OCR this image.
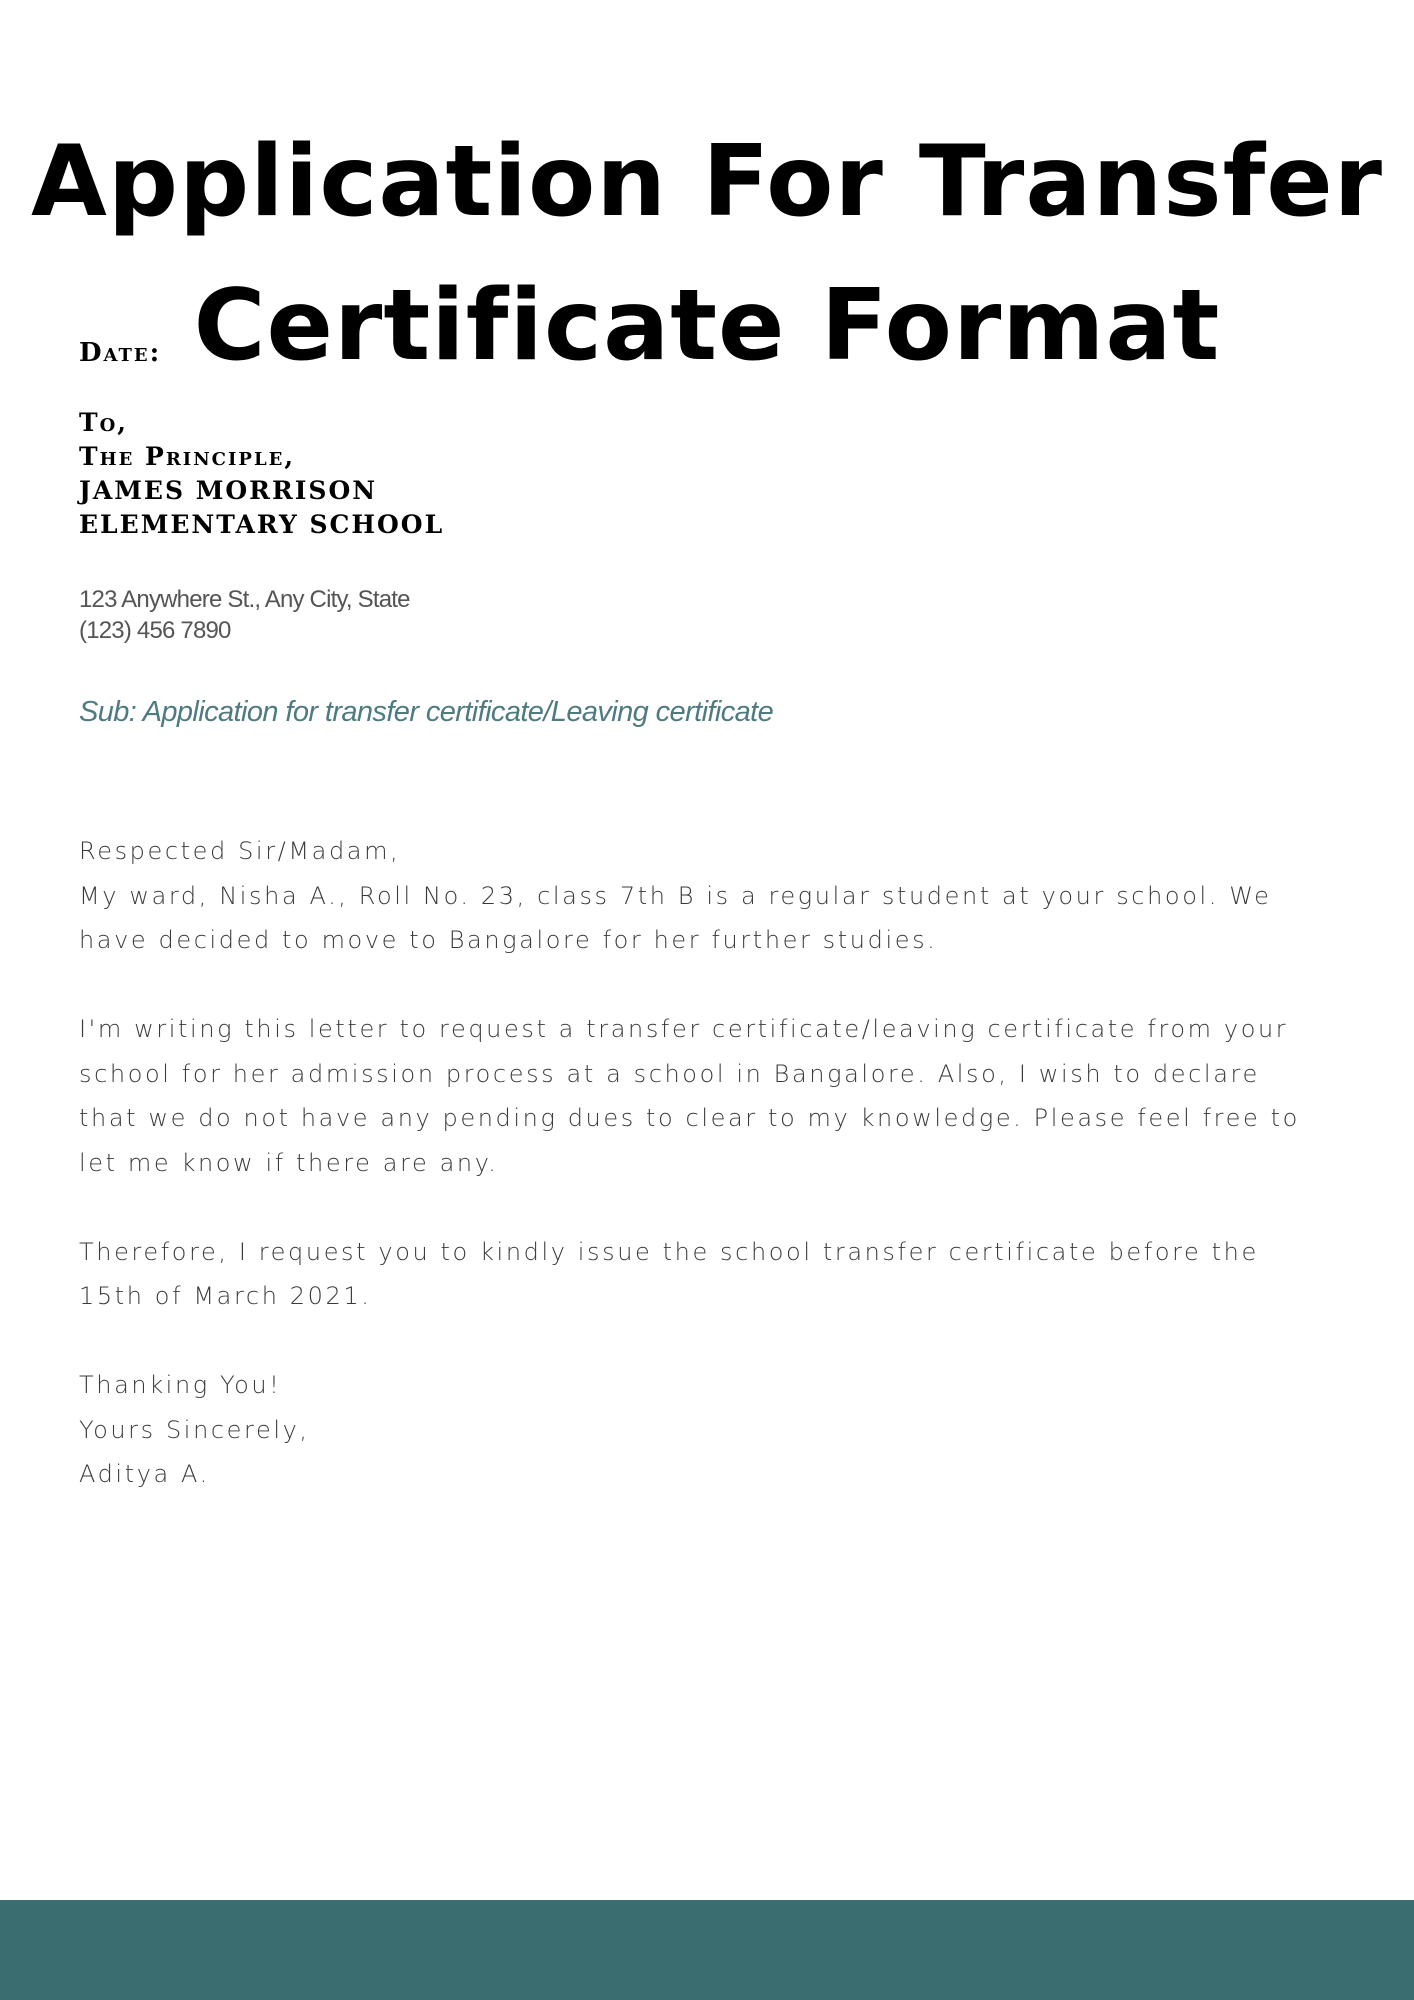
Application For Transfer
Certificate Format
Date:
To,
The Principle,
JAMES MORRISON
ELEMENTARY SCHOOL
123 Anywhere St., Any City, State
(123) 456 7890
Sub: Application for transfer certificate/Leaving certificate

Respected Sir/Madam,

My ward, Nisha A., Roll No. 23, class 7th B is a regular student at your school. We

have decided to move to Bangalore for her further studies.

I'm writing this letter to request a transfer certificate/leaving certificate from your

school for her admission process at a school in Bangalore. Also, I wish to declare

that we do not have any pending dues to clear to my knowledge. Please feel free to

let me know if there are any.

Therefore, I request you to kindly issue the school transfer certificate before the

15th of March 2021.

Thanking You!

Yours Sincerely,

Aditya A.
